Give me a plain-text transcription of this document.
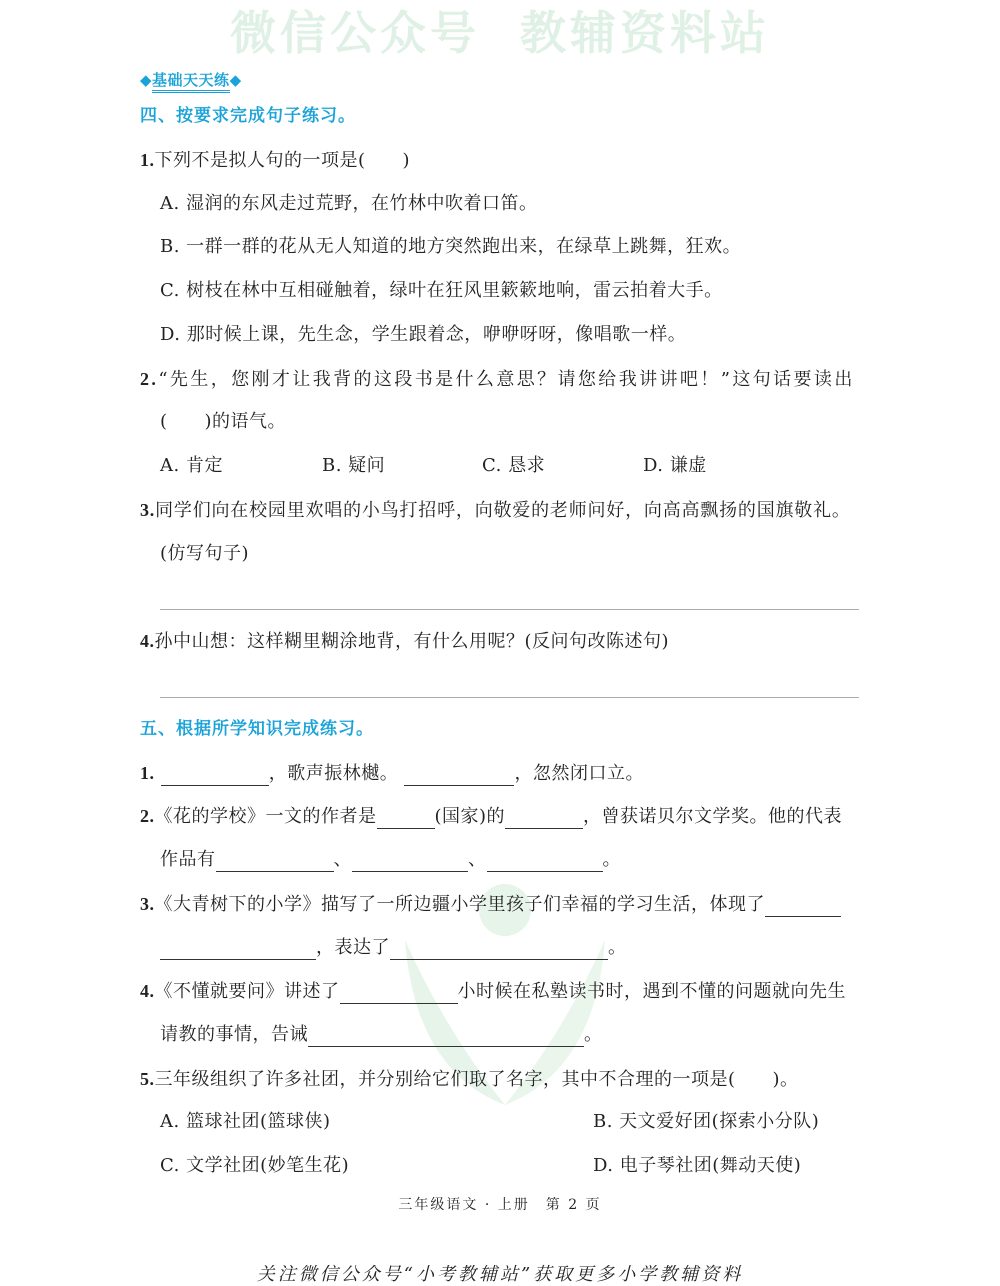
微信公众号 教辅资料站
◆基础天天练◆
四、按要求完成句子练习。
1.下列不是拟人句的一项是(　　)
A. 湿润的东风走过荒野，在竹林中吹着口笛。
B. 一群一群的花从无人知道的地方突然跑出来，在绿草上跳舞，狂欢。
C. 树枝在林中互相碰触着，绿叶在狂风里簌簌地响，雷云拍着大手。
D. 那时候上课，先生念，学生跟着念，咿咿呀呀，像唱歌一样。
2.“先生，您刚才让我背的这段书是什么意思？请您给我讲讲吧！”这句话要读出
(　　)的语气。
A. 肯定	B. 疑问	C. 恳求	D. 谦虚
3.同学们向在校园里欢唱的小鸟打招呼，向敬爱的老师问好，向高高飘扬的国旗敬礼。
(仿写句子)
4.孙中山想：这样糊里糊涂地背，有什么用呢？(反问句改陈述句)
五、根据所学知识完成练习。
1.	，歌声振林樾。	，忽然闭口立。
2.《花的学校》一文的作者是	(国家)的	，曾获诺贝尔文学奖。他的代表
作品有	、	、	。
3.《大青树下的小学》描写了一所边疆小学里孩子们幸福的学习生活，体现了
，表达了	。
4.《不懂就要问》讲述了	小时候在私塾读书时，遇到不懂的问题就向先生
请教的事情，告诫	。
5.三年级组织了许多社团，并分别给它们取了名字，其中不合理的一项是(　　)。
A. 篮球社团(篮球侠)	B. 天文爱好团(探索小分队)
C. 文学社团(妙笔生花)	D. 电子琴社团(舞动天使)
三年级语文 · 上册　第 2 页
关注微信公众号“小考教辅站”获取更多小学教辅资料
